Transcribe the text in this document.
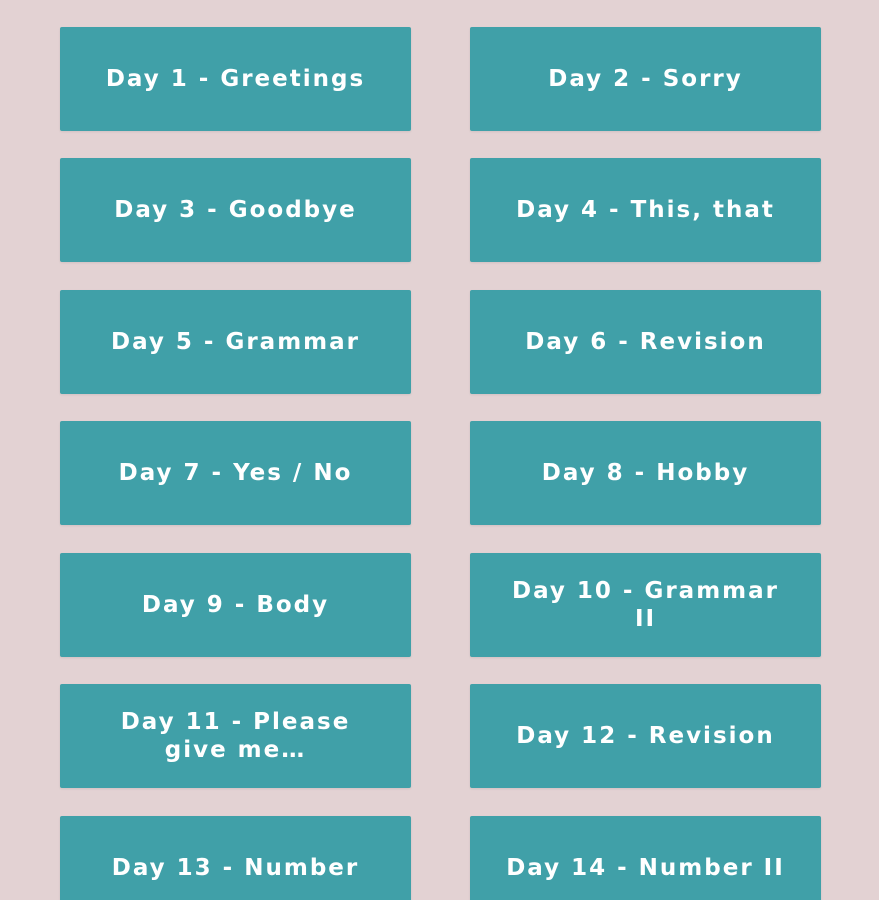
Day 1 - Greetings	Day 2 - Sorry
Day 3 - Goodbye	Day 4 - This, that
Day 5 - Grammar	Day 6 - Revision
Day 7 - Yes / No	Day 8 - Hobby
Day 9 - Body
Day 10 - Grammar II
Day 11 - Please give me…
Day 12 - Revision
Day 13 - Number	Day 14 - Number II
